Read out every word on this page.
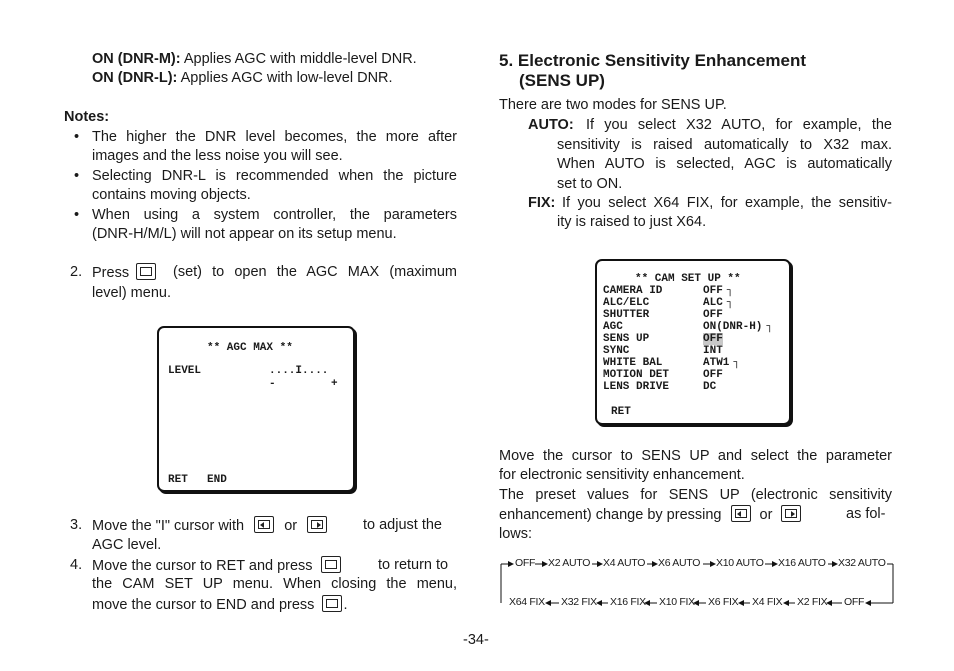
ON (DNR-M): Applies AGC with middle-level DNR.
ON (DNR-L): Applies AGC with low-level DNR.
Notes:
• The higher the DNR level becomes, the more after
images and the less noise you will see.
• Selecting DNR-L is recommended when the picture
contains moving objects.
• When using a system controller, the parameters
(DNR-H/M/L) will not appear on its setup menu.
2. Press	(set) to open the AGC MAX (maximum
level) menu.
** AGC MAX **
LEVEL	....I....
-	+
RET END
3. Move the "I" cursor with	or	to adjust the
AGC level.
4. Move the cursor to RET and press	to return to
the CAM SET UP menu. When closing the menu,
move the cursor to END and press .
5. Electronic Sensitivity Enhancement
(SENS UP)
There are two modes for SENS UP.
AUTO: If you select X32 AUTO, for example, the
sensitivity is raised automatically to X32 max.
When AUTO is selected, AGC is automatically
set to ON.
FIX: If you select X64 FIX, for example, the sensitiv-
ity is raised to just X64.
** CAM SET UP **
CAMERA ID	OFF ┐
ALC/ELC	ALC ┐
SHUTTER	OFF
AGC	ON(DNR-H) ┐
SENS UP	OFF
SYNC	INT
WHITE BAL	ATW1 ┐
MOTION DET	OFF
LENS DRIVE	DC
RET
Move the cursor to SENS UP and select the parameter
for electronic sensitivity enhancement.
The preset values for SENS UP (electronic sensitivity
enhancement) change by pressing	or	as fol-
lows:
OFF X2 AUTO X4 AUTO X6 AUTO X10 AUTO X16 AUTO X32 AUTO
X64 FIX X32 FIX X16 FIX X10 FIX X6 FIX X4 FIX X2 FIX OFF
-34-
